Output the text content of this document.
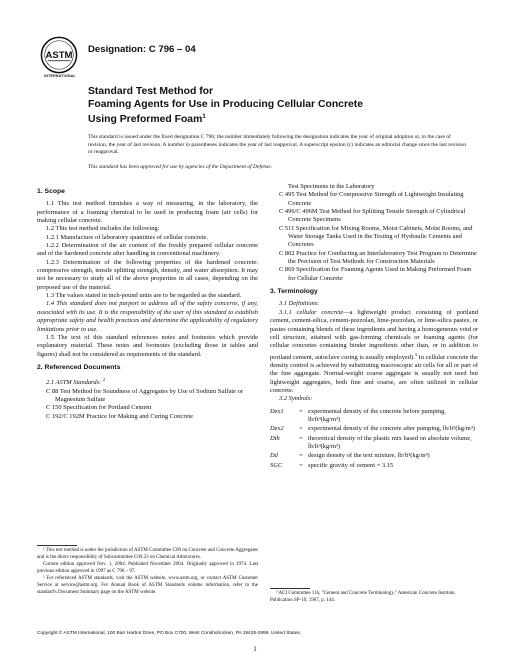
ASTM
INTERNATIONAL
Designation: C 796 – 04

Standard Test Method for

Foaming Agents for Use in Producing Cellular Concrete

Using Preformed Foam$^1$

This standard is issued under the fixed designation C 796; the number immediately following the designation indicates the year of original adoption or, in the case of revision, the year of last revision. A number in parentheses indicates the year of last reapproval. A superscript epsilon (ε) indicates an editorial change since the last revision or reapproval.

This standard has been approved for use by agencies of the Department of Defense.
1. Scope

1.1 This test method furnishes a way of measuring, in the laboratory, the performance of a foaming chemical to be used in producing foam (air cells) for making cellular concrete.

1.2 This test method includes the following:

1.2.1 Manufacture of laboratory quantities of cellular concrete.

1.2.2 Determination of the air content of the freshly prepared cellular concrete and of the hardened concrete after handling in conventional machinery.

1.2.3 Determination of the following properties of the hardened concrete: compressive strength, tensile splitting strength, density, and water absorption. It may not be necessary to study all of the above properties in all cases, depending on the proposed use of the material.

1.3 The values stated in inch-pound units are to be regarded as the standard.

1.4 This standard does not purport to address all of the safety concerns, if any, associated with its use. It is the responsibility of the user of this standard to establish appropriate safety and health practices and determine the applicability of regulatory limitations prior to use.

1.5 The text of this standard references notes and footnotes which provide explanatory material. These notes and footnotes (excluding those in tables and figures) shall not be considered as requirements of the standard.

2. Referenced Documents

2.1 ASTM Standards: $^2$

C 88 Test Method for Soundness of Aggregates by Use of Sodium Sulfate or Magnesium Sulfate

C 150 Specification for Portland Cement

C 192/C 192M Practice for Making and Curing Concrete

Test Specimens in the Laboratory

C 495 Test Method for Compressive Strength of Lightweight Insulating Concrete

C 496/C 496M Test Method for Splitting Tensile Strength of Cylindrical Concrete Specimens

C 511 Specification for Mixing Rooms, Moist Cabinets, Moist Rooms, and Water Storage Tanks Used in the Testing of Hydraulic Cements and Concretes

C 802 Practice for Conducting an Interlaboratory Test Program to Determine the Precision of Test Methods for Construction Materials

C 869 Specification for Foaming Agents Used in Making Preformed Foam for Cellular Concrete

3. Terminology

3.1 Definitions:

3.1.1 cellular concrete—a lightweight product consisting of portland cement, cement-silica, cement-pozzolan, lime-pozzolan, or lime-silica pastes, or pastes containing blends of these ingredients and having a homogeneous void or cell structure, attained with gas-forming chemicals or foaming agents (for cellular concretes containing binder ingredients other than, or in addition to portland cement, autoclave curing is usually employed).$^3$ In cellular concrete the density control is achieved by substituting macroscopic air cells for all or part of the fine aggregate. Normal-weight coarse aggregate is usually not used but lightweight aggregates, both fine and coarse, are often utilized in cellular concrete.

3.2 Symbols:

Dex1	= experimental density of the concrete before pumping, lb/ft³(kg/m³)
Dex2	= experimental density of the concrete after pumping, lb/ft³(kg/m³)
Dth	= theoretical density of the plastic mix based on absolute volume, lb/ft³(kg/m³)
Dd	= design density of the text mixture, lb/ft³(kg/m³)
SGC	= specific gravity of cement = 3.15

¹ This test method is under the jurisdiction of ASTM Committee C09 on Concrete and Concrete Aggregates and is the direct responsibility of Subcommittee C09.23 on Chemical Admixtures.

Current edition approved Nov. 1, 2004. Published November 2004. Originally approved in 1974. Last previous edition approved in 1997 as C 796 – 97.

² For referenced ASTM standards, visit the ASTM website, www.astm.org, or contact ASTM Customer Service at service@astm.org. For Annual Book of ASTM Standards volume information, refer to the standard's Document Summary page on the ASTM website.	³ ACI Committee 116, "Cement and Concrete Terminology," American Concrete Institute, Publication SP-19, 1967, p. 144.

Copyright © ASTM International, 100 Barr Harbor Drive, PO Box C700, West Conshohocken, PA 19428-2959, United States.
1
